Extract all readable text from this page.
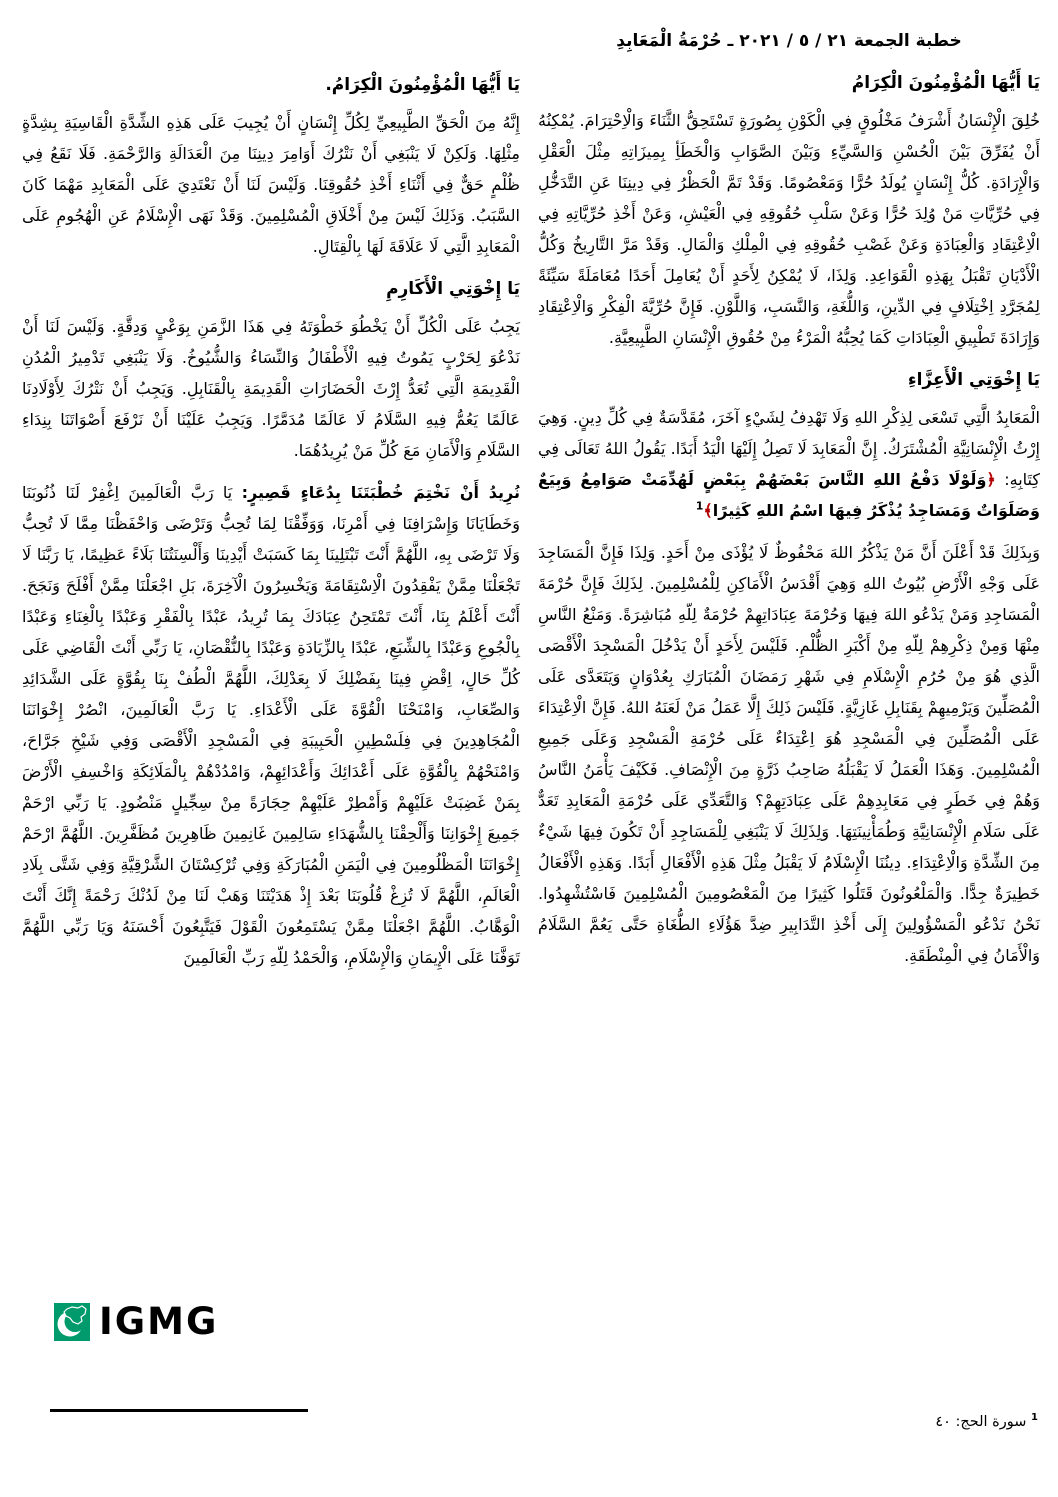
خطبة الجمعة ٢١ / ٥ / ٢٠٢١ ـ حُرْمَةُ الْمَعَابِدِ
يَا أَيُّهَا الْمُؤْمِنُونَ الْكِرَامُ

خُلِقَ الْإِنْسَانُ أَشْرَفُ مَخْلُوقٍ فِي الْكَوْنِ بِصُورَةٍ تَسْتَحِقُّ الثَّنَاءَ وَالْاِحْتِرَامَ. يُمْكِنُهُ أَنْ يُفَرِّقَ بَيْنَ الْحُسْنِ وَالسَّيِّءِ وَبَيْنَ الصَّوَابِ وَالْخَطَأِ بِمِيزَاتِهِ مِثْلَ الْعَقْلِ وَالْإِرَادَةِ. كُلُّ إِنْسَانٍ يُولَدُ حُرًّا وَمَعْصُومًا. وَقَدْ تَمَّ الْحَظْرُ فِي دِينِنَا عَنِ التَّدَخُّلِ فِي حُرِّيَّاتِ مَنْ وُلِدَ حُرًّا وَعَنْ سَلْبِ حُقُوقِهِ فِي الْعَيْشِ، وَعَنْ أَخْذِ حُرِّيَّاتِهِ فِي الْاِعْتِقَادِ وَالْعِبَادَةِ وَعَنْ غَصْبِ حُقُوقِهِ فِي الْمِلْكِ وَالْمَالِ. وَقَدْ مَرَّ التَّارِيخُ وَكُلُّ الْأَدْيَانِ تَقْبَلُ بِهَذِهِ الْقَوَاعِدِ. وَلِذَا، لَا يُمْكِنُ لِأَحَدٍ أَنْ يُعَامِلَ أَحَدًا مُعَامَلَةً سَيِّئَةً لِمُجَرَّدِ اِخْتِلَافٍ فِي الدِّينِ، وَاللُّغَةِ، وَالنَّسَبِ، وَاللَّوْنِ. فَإِنَّ حُرِّيَّةَ الْفِكْرِ وَالْاِعْتِقَادِ وَإِرَادَةَ تَطْبِيقِ الْعِبَادَاتِ كَمَا يُحِبُّهُ الْمَرْءُ مِنْ حُقُوقِ الْإِنْسَانِ الطَّبِيعِيَّةِ.

يَا إِخْوَتِي الْأَعِزَّاءِ

الْمَعَابِدُ الَّتِي تَسْعَى لِذِكْرِ اللهِ وَلَا تَهْدِفُ لِشَيْءٍ آخَرَ، مُقَدَّسَةٌ فِي كُلِّ دِينٍ. وَهِيَ إِرْثُ الْإِنْسَانِيَّةِ الْمُشْتَرَكُ. إِنَّ الْمَعَابِدَ لَا تَصِلُ إِلَيْهَا الْيَدُ أَبَدًا. يَقُولُ اللهُ تَعَالَى فِي كِتَابِهِ: ﴿وَلَوْلَا دَفْعُ اللهِ النَّاسَ بَعْضَهُمْ بِبَعْضٍ لَهُدِّمَتْ صَوَامِعُ وَبِيَعٌ وَصَلَوَاتٌ وَمَسَاجِدُ يُذْكَرُ فِيهَا اسْمُ اللهِ كَثِيرًا﴾$^1$

وَبِذَلِكَ قَدْ أَعْلَنَ أَنَّ مَنْ يَذْكُرُ اللهَ مَحْفُوظٌ لَا يُؤْذَى مِنْ أَحَدٍ. وَلِذَا فَإِنَّ الْمَسَاجِدَ عَلَى وَجْهِ الْأَرْضِ بُيُوتُ اللهِ وَهِيَ أَقْدَسُ الْأَمَاكِنِ لِلْمُسْلِمِينَ. لِذَلِكَ فَإِنَّ حُرْمَةَ الْمَسَاجِدِ وَمَنْ يَدْعُو اللهَ فِيهَا وَحُرْمَةَ عِبَادَاتِهِمْ حُرْمَةٌ لِلّهِ مُبَاشِرَةً. وَمَنْعُ النَّاسِ مِنْهَا وَمِنْ ذِكْرِهِمْ لِلّهِ مِنْ أَكْبَرِ الظُّلْمِ. فَلَيْسَ لِأَحَدٍ أَنْ يَدْخُلَ الْمَسْجِدَ الْأَقْصَى الَّذِي هُوَ مِنْ حُرُمِ الْإِسْلَامِ فِي شَهْرِ رَمَضَانَ الْمُبَارَكِ بِعُدْوَانٍ وَيَتَعَدَّى عَلَى الْمُصَلِّينَ وَيَرْمِيهِمْ بِقَنَابِلِ غَازِيَّةٍ. فَلَيْسَ ذَلِكَ إِلَّا عَمَلُ مَنْ لَعَنَهُ اللهُ. فَإِنَّ الْاِعْتِدَاءَ عَلَى الْمُصَلِّينَ فِي الْمَسْجِدِ هُوَ اِعْتِدَاءٌ عَلَى حُرْمَةِ الْمَسْجِدِ وَعَلَى جَمِيعِ الْمُسْلِمِينَ. وَهَذَا الْعَمَلُ لَا يَقْبَلُهُ صَاحِبُ ذَرَّةٍ مِنَ الْإِنْصَافِ. فَكَيْفَ يَأْمَنُ النَّاسُ وَهُمْ فِي خَطَرٍ فِي مَعَابِدِهِمْ عَلَى عِبَادَتِهِمْ؟ وَالتَّعَدِّي عَلَى حُرْمَةِ الْمَعَابِدِ تَعَدٌّ عَلَى سَلَامِ الْإِنْسَانِيَّةِ وَطُمَأْنِينَتِهَا. وَلِذَلِكَ لَا يَنْبَغِي لِلْمَسَاجِدِ أَنْ تَكُونَ فِيهَا شَيْءٌ مِنَ الشِّدَّةِ وَالْاِعْتِدَاءِ. دِينُنَا الْإِسْلَامُ لَا يَقْبَلُ مِثْلَ هَذِهِ الْأَفْعَالِ أَبَدًا. وَهَذِهِ الْأَفْعَالُ خَطِيرَةٌ جِدًّا. وَالْمَلْعُونُونَ قَتَلُوا كَثِيرًا مِنَ الْمَعْصُومِينَ الْمُسْلِمِينَ فَاسْتُشْهِدُوا. نَحْنُ نَدْعُو الْمَسْؤُولِينَ إِلَى أَخْذِ التَّدَابِيرِ ضِدَّ هَؤُلَاءِ الطُّغَاةِ حَتَّى يَعُمَّ السَّلَامُ وَالْأَمَانُ فِي الْمِنْطَقَةِ.

يَا أَيُّهَا الْمُؤْمِنُونَ الْكِرَامُ.

إِنَّهُ مِنَ الْحَقِّ الطَّبِيعِيِّ لِكُلِّ إِنْسَانٍ أَنْ يُجِيبَ عَلَى هَذِهِ الشِّدَّةِ الْقَاسِيَةِ بِشِدَّةٍ مِثْلِهَا. وَلَكِنْ لَا يَنْبَغِي أَنْ نَتْرُكَ أَوَامِرَ دِينِنَا مِنَ الْعَدَالَةِ وَالرَّحْمَةِ. فَلَا نَقَعُ فِي ظُلْمٍ حَقٌّ فِي أَثْنَاءِ أَخْذِ حُقُوقِنَا. وَلَيْسَ لَنَا أَنْ نَعْتَدِيَ عَلَى الْمَعَابِدِ مَهْمَا كَانَ السَّبَبُ. وَذَلِكَ لَيْسَ مِنْ أَخْلَاقِ الْمُسْلِمِينَ. وَقَدْ نَهَى الْإِسْلَامُ عَنِ الْهُجُومِ عَلَى الْمَعَابِدِ الَّتِي لَا عَلَاقَةَ لَهَا بِالْقِتَالِ.

يَا إِخْوَتِي الْأَكَارِمِ

يَجِبُ عَلَى الْكُلِّ أَنْ يَخْطُوَ خَطْوَتَهُ فِي هَذَا الزَّمَنِ بِوَعْيٍ وَدِقَّةٍ. وَلَيْسَ لَنَا أَنْ نَدْعُوَ لِحَرْبٍ يَمُوتُ فِيهِ الْأَطْفَالُ وَالنِّسَاءُ وَالشُّيُوخُ. وَلَا يَنْبَغِي تَدْمِيرُ الْمُدُنِ الْقَدِيمَةِ الَّتِي تُعَدُّ إِرْثَ الْحَضَارَاتِ الْقَدِيمَةِ بِالْقَنَابِلِ. وَيَجِبُ أَنْ نَتْرُكَ لِأَوْلَادِنَا عَالَمًا يَعُمُّ فِيهِ السَّلَامُ لَا عَالَمًا مُدَمَّرًا. وَيَجِبُ عَلَيْنَا أَنْ نَرْفَعَ أَصْوَاتَنَا بِنِدَاءِ السَّلَامِ وَالْأَمَانِ مَعَ كُلِّ مَنْ يُرِيدُهُمَا.

نُرِيدُ أَنْ نَخْتِمَ خُطْبَتَنَا بِدُعَاءٍ قَصِيرٍ: يَا رَبَّ الْعَالَمِينَ اِغْفِرْ لَنَا ذُنُوبَنَا وَخَطَايَانَا وَإِسْرَافِنَا فِي أَمْرِنَا، وَوَفِّقْنَا لِمَا تُحِبُّ وَتَرْضَى وَاحْفَظْنَا مِمَّا لَا تُحِبُّ وَلَا تَرْضَى بِهِ، اللَّهُمَّ أَنْتَ تَبْتَلِينَا بِمَا كَسَبَتْ أَيْدِينَا وَأَلْسِنَتُنَا بَلَاءً عَظِيمًا، يَا رَبَّنَا لَا تَجْعَلْنَا مِمَّنْ يَفْقِدُونَ الْاِسْتِقَامَةَ وَيَخْسِرُونَ الْآخِرَةَ، بَلِ اجْعَلْنَا مِمَّنْ أَفْلَحَ وَنَجَحَ. أَنْتَ أَعْلَمُ بِنَا، أَنْتَ تَمْتَحِنُ عِبَادَكَ بِمَا تُرِيدُ، عَبْدًا بِالْفَقْرِ وَعَبْدًا بِالْغِنَاءِ وَعَبْدًا بِالْجُوعِ وَعَبْدًا بِالشِّبَعِ، عَبْدًا بِالزِّيَادَةِ وَعَبْدًا بِالنُّقْصَانِ، يَا رَبِّي أَنْتَ الْقَاضِي عَلَى كُلِّ حَالٍ، اِقْضِ فِينَا بِفَضْلِكَ لَا بِعَدْلِكَ، اللَّهُمَّ الْطُفْ بِنَا بِقُوَّةٍ عَلَى الشَّدَائِدِ وَالصِّعَابِ، وَامْنَحْنَا الْقُوَّةَ عَلَى الْأَعْدَاءِ. يَا رَبَّ الْعَالَمِينَ، انْصُرْ إِخْوَانَنَا الْمُجَاهِدِينَ فِي فِلَسْطِينِ الْحَبِيبَةِ فِي الْمَسْجِدِ الْأَقْصَى وَفِي شَيْخِ جَرَّاحَ، وَامْنَحْهُمْ بِالْقُوَّةِ عَلَى أَعْدَائِكَ وَأَعْدَائِهِمْ، وَامْدُدْهُمْ بِالْمَلَائِكَةِ وَاخْسِفِ الْأَرْضَ بِمَنْ غَضِبَتْ عَلَيْهِمْ وَأَمْطِرْ عَلَيْهِمْ حِجَارَةً مِنْ سِجِّيلٍ مَنْضُودٍ. يَا رَبِّي ارْحَمْ جَمِيعَ إِخْوَانِنَا وَأَلْحِقْنَا بِالشُّهَدَاءِ سَالِمِينَ غَانِمِينَ ظَاهِرِينَ مُظَفَّرِينَ. اللَّهُمَّ ارْحَمْ إِخْوَانَنَا الْمَظْلُومِينَ فِي الْيَمَنِ الْمُبَارَكَةِ وَفِي تُرْكِسْتَانَ الشَّرْقِيَّةِ وَفِي شَتَّى بِلَادِ الْعَالَمِ، اللَّهُمَّ لَا تُزِغْ قُلُوبَنَا بَعْدَ إِذْ هَدَيْتَنَا وَهَبْ لَنَا مِنْ لَدُنْكَ رَحْمَةً إِنَّكَ أَنْتَ الْوَهَّابُ. اللَّهُمَّ اجْعَلْنَا مِمَّنْ يَسْتَمِعُونَ الْقَوْلَ فَيَتَّبِعُونَ أَحْسَنَهُ وَيَا رَبِّي اللَّهُمَّ تَوَفَّنَا عَلَى الْإِيمَانِ وَالْإِسْلَامِ، وَالْحَمْدُ لِلّهِ رَبِّ الْعَالَمِينَ

IGMG
$^1$ سورة الحج: ٤٠
